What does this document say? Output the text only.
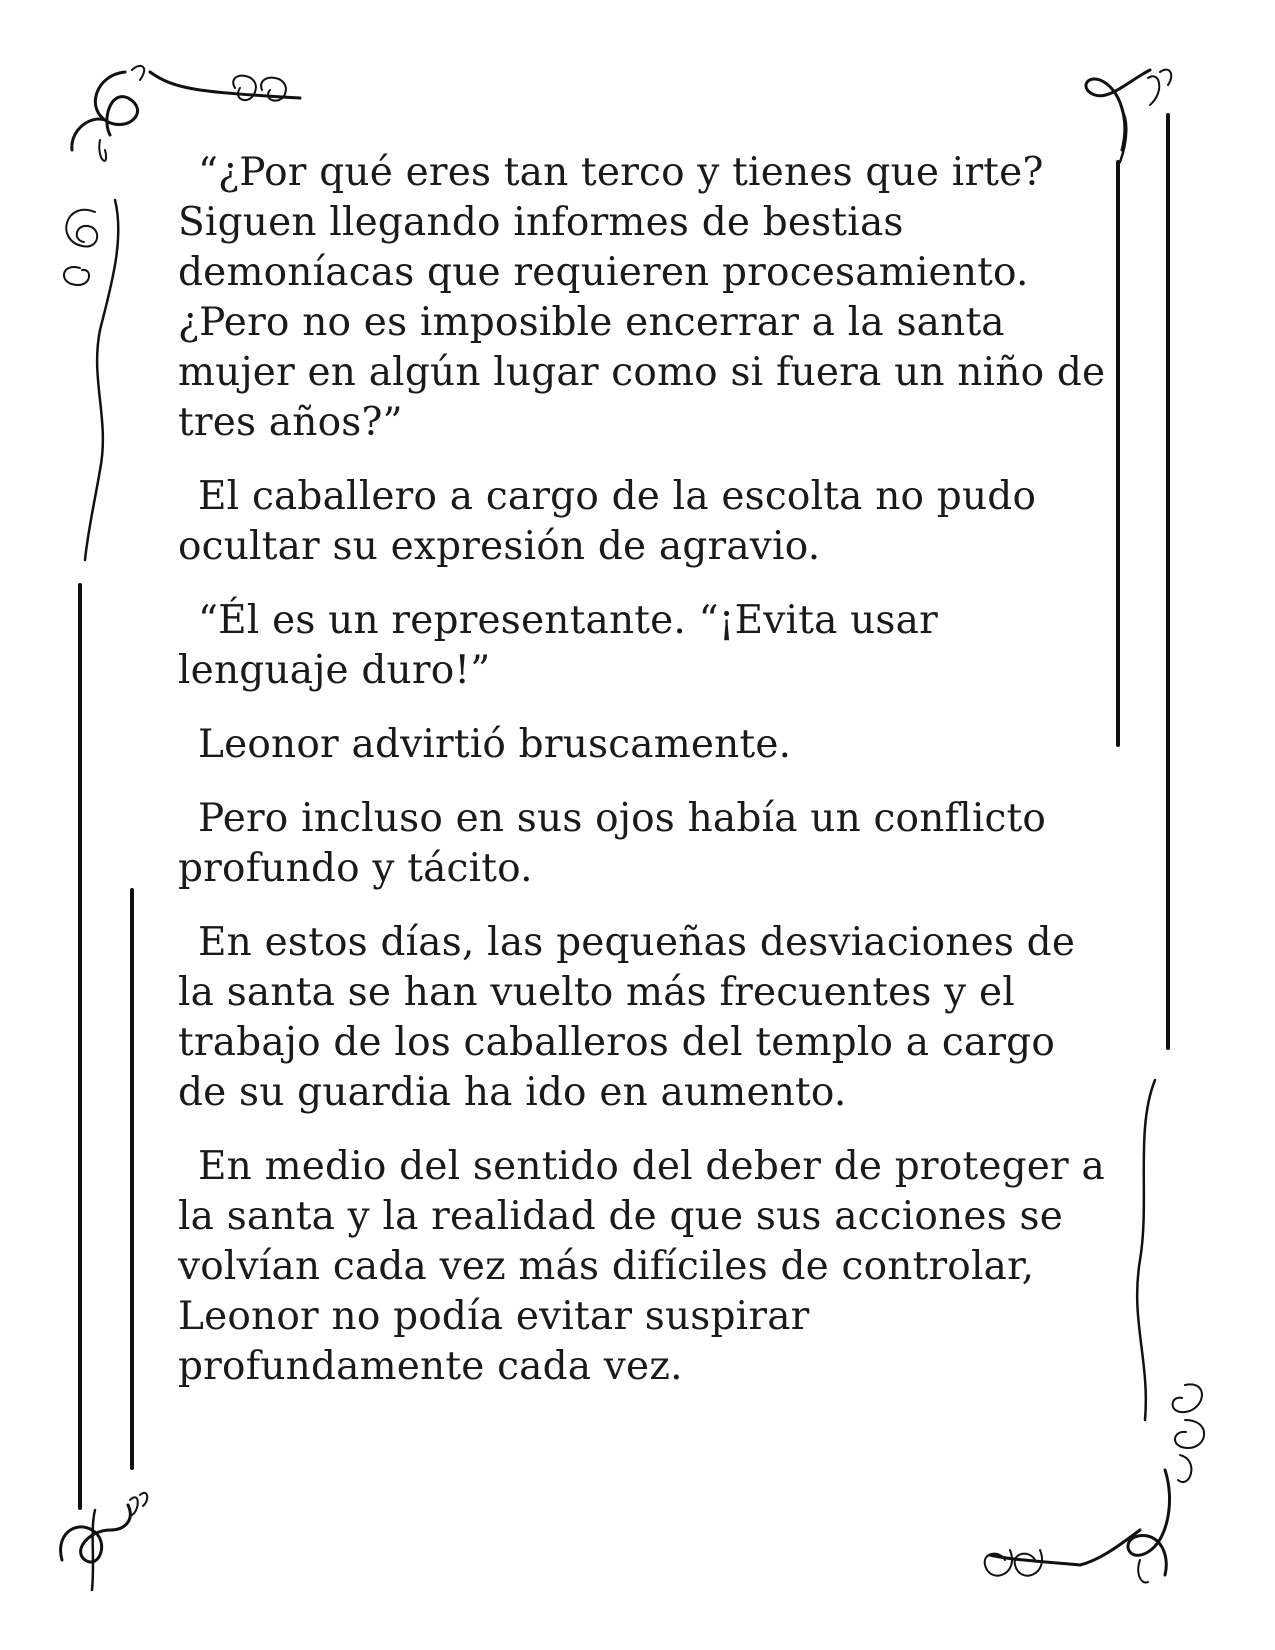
“¿Por qué eres tan terco y tienes que irte? Siguen llegando informes de bestias demoníacas que requieren procesamiento. ¿Pero no es imposible encerrar a la santa mujer en algún lugar como si fuera un niño de tres años?”

El caballero a cargo de la escolta no pudo ocultar su expresión de agravio.

“Él es un representante. “¡Evita usar lenguaje duro!”

Leonor advirtió bruscamente.

Pero incluso en sus ojos había un conflicto profundo y tácito.

En estos días, las pequeñas desviaciones de la santa se han vuelto más frecuentes y el trabajo de los caballeros del templo a cargo de su guardia ha ido en aumento.

En medio del sentido del deber de proteger a la santa y la realidad de que sus acciones se volvían cada vez más difíciles de controlar, Leonor no podía evitar suspirar profundamente cada vez.
